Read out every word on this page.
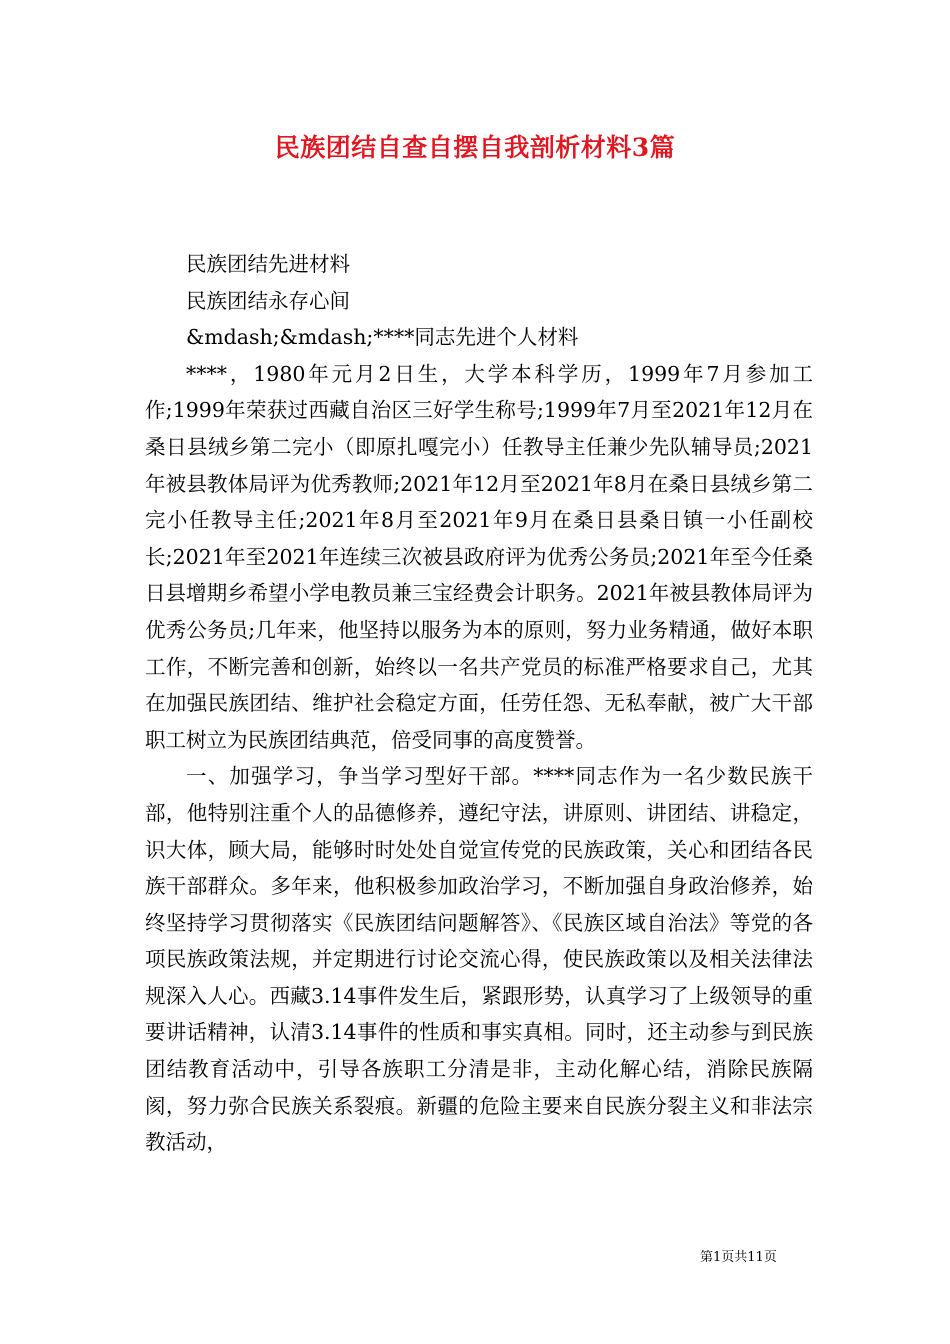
民族团结自查自摆自我剖析材料3篇

民族团结先进材料

民族团结永存心间

&mdash;&mdash;****同志先进个人材料

****，1980年元月2日生，大学本科学历，1999年7月参加工作;1999年荣获过西藏自治区三好学生称号;1999年7月至2021年12月在桑日县绒乡第二完小（即原扎嘎完小）任教导主任兼少先队辅导员;2021年被县教体局评为优秀教师;2021年12月至2021年8月在桑日县绒乡第二完小任教导主任;2021年8月至2021年9月在桑日县桑日镇一小任副校长;2021年至2021年连续三次被县政府评为优秀公务员;2021年至今任桑日县增期乡希望小学电教员兼三宝经费会计职务。2021年被县教体局评为优秀公务员;几年来，他坚持以服务为本的原则，努力业务精通，做好本职工作，不断完善和创新，始终以一名共产党员的标准严格要求自己，尤其在加强民族团结、维护社会稳定方面，任劳任怨、无私奉献，被广大干部职工树立为民族团结典范，倍受同事的高度赞誉。

一、加强学习，争当学习型好干部。****同志作为一名少数民族干部，他特别注重个人的品德修养，遵纪守法，讲原则、讲团结、讲稳定，识大体，顾大局，能够时时处处自觉宣传党的民族政策，关心和团结各民族干部群众。多年来，他积极参加政治学习，不断加强自身政治修养，始终坚持学习贯彻落实《民族团结问题解答》、《民族区域自治法》等党的各项民族政策法规，并定期进行讨论交流心得，使民族政策以及相关法律法规深入人心。西藏3.14事件发生后，紧跟形势，认真学习了上级领导的重要讲话精神，认清3.14事件的性质和事实真相。同时，还主动参与到民族团结教育活动中，引导各族职工分清是非，主动化解心结，消除民族隔阂，努力弥合民族关系裂痕。新疆的危险主要来自民族分裂主义和非法宗教活动，

第1页共11页
